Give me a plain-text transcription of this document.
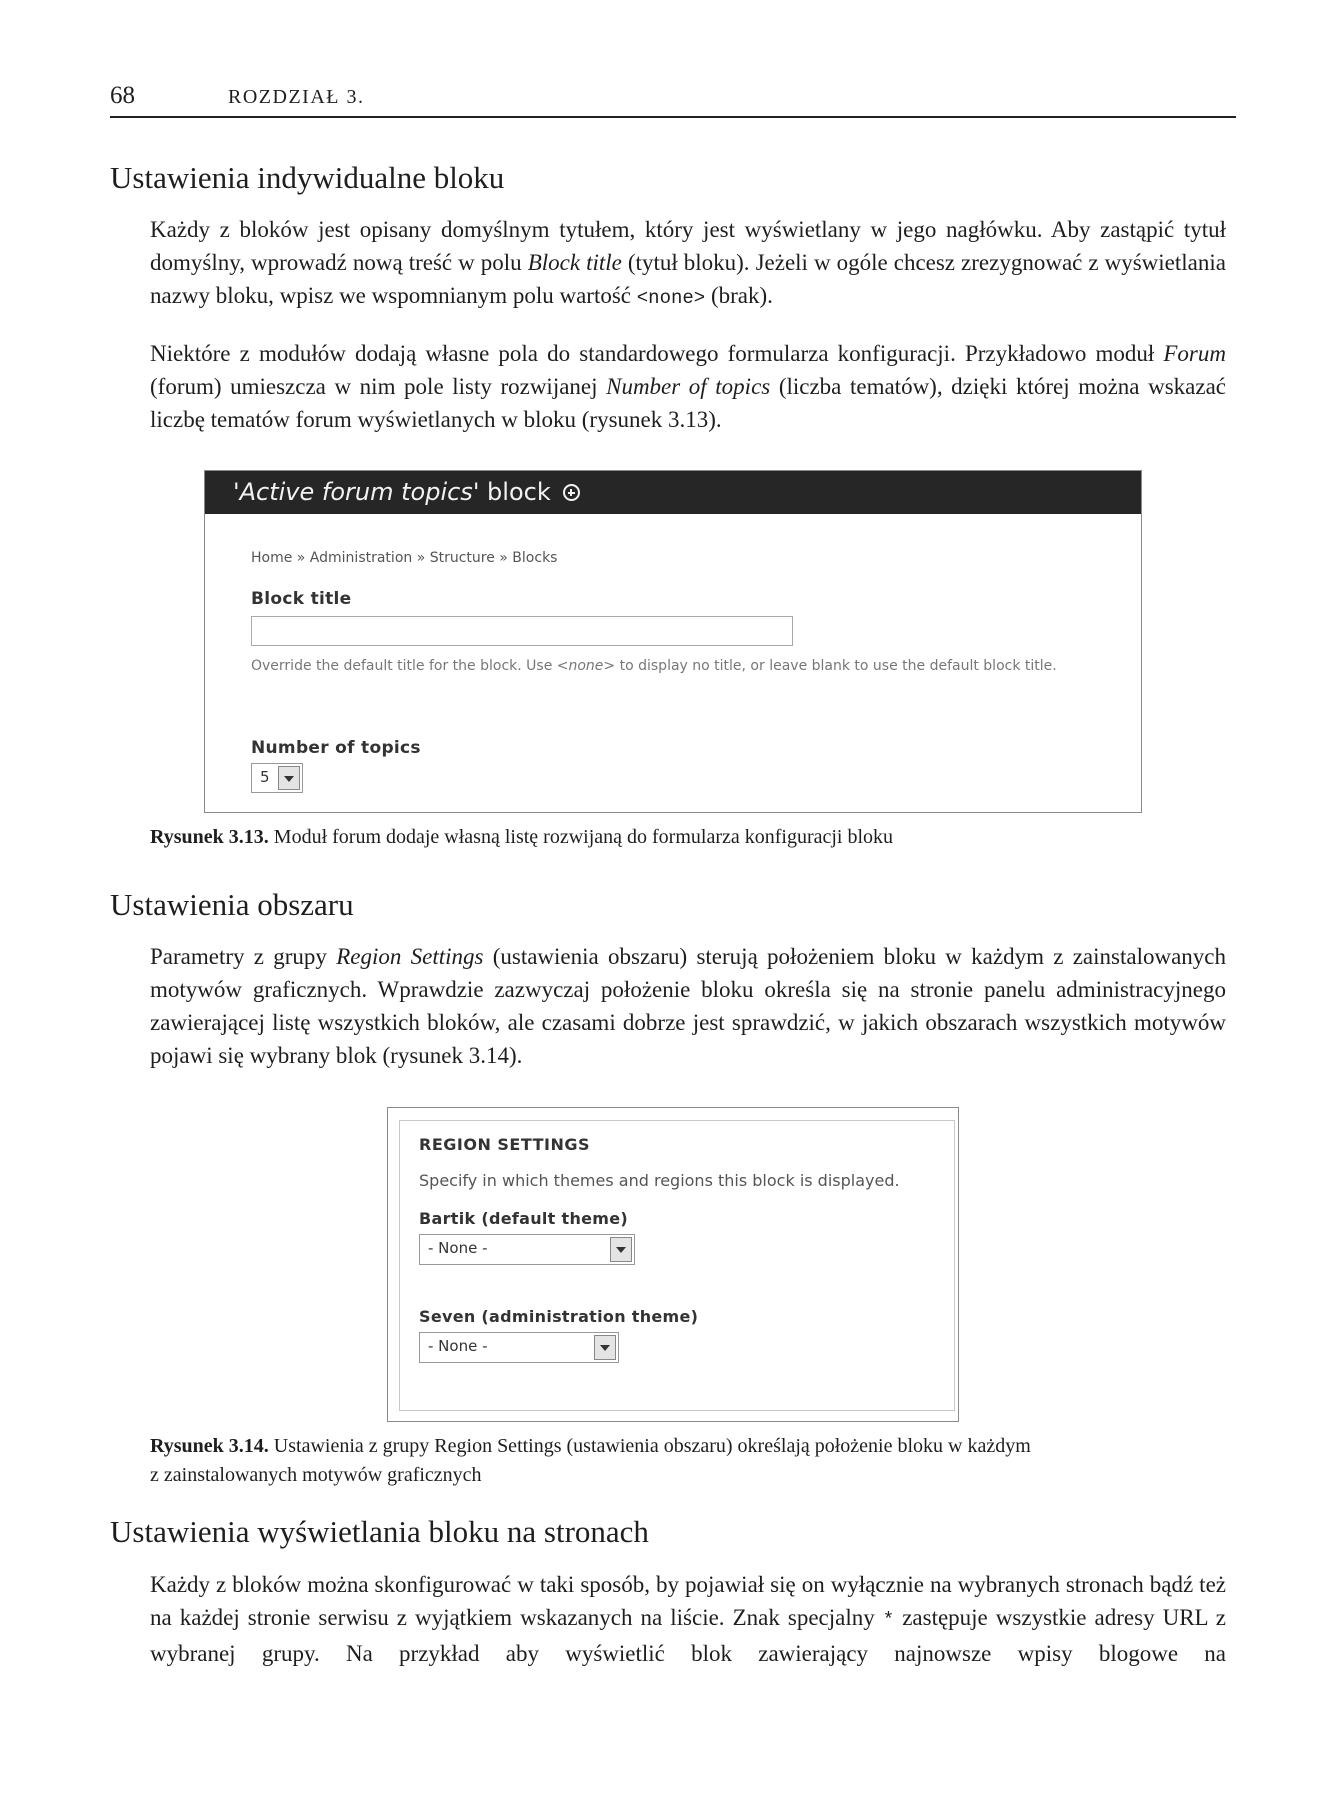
68	ROZDZIAŁ 3.
Ustawienia indywidualne bloku

Każdy z bloków jest opisany domyślnym tytułem, który jest wyświetlany w jego nagłówku. Aby zastąpić tytuł domyślny, wprowadź nową treść w polu Block title (tytuł bloku). Jeżeli w ogóle chcesz zrezygnować z wyświetlania nazwy bloku, wpisz we wspomnianym polu wartość <none> (brak).

Niektóre z modułów dodają własne pola do standardowego formularza konfiguracji. Przykładowo moduł Forum (forum) umieszcza w nim pole listy rozwijanej Number of topics (liczba tematów), dzięki której można wskazać liczbę tematów forum wyświetlanych w bloku (rysunek 3.13).

'Active forum topics' block
Home » Administration » Structure » Blocks
Block title
Override the default title for the block. Use <none> to display no title, or leave blank to use the default block title.
Number of topics
5
Rysunek 3.13. Moduł forum dodaje własną listę rozwijaną do formularza konfiguracji bloku
Ustawienia obszaru

Parametry z grupy Region Settings (ustawienia obszaru) sterują położeniem bloku w każdym z zainstalowanych motywów graficznych. Wprawdzie zazwyczaj położenie bloku określa się na stronie panelu administracyjnego zawierającej listę wszystkich bloków, ale czasami dobrze jest sprawdzić, w jakich obszarach wszystkich motywów pojawi się wybrany blok (rysunek 3.14).

REGION SETTINGS
Specify in which themes and regions this block is displayed.
Bartik (default theme)
- None -
Seven (administration theme)
- None -
Rysunek 3.14. Ustawienia z grupy Region Settings (ustawienia obszaru) określają położenie bloku w każdym
z zainstalowanych motywów graficznych
Ustawienia wyświetlania bloku na stronach

Każdy z bloków można skonfigurować w taki sposób, by pojawiał się on wyłącznie na wybranych stronach bądź też na każdej stronie serwisu z wyjątkiem wskazanych na liście. Znak specjalny * zastępuje wszystkie adresy URL z wybranej grupy. Na przykład aby wyświetlić blok zawierający najnowsze wpisy blogowe na
